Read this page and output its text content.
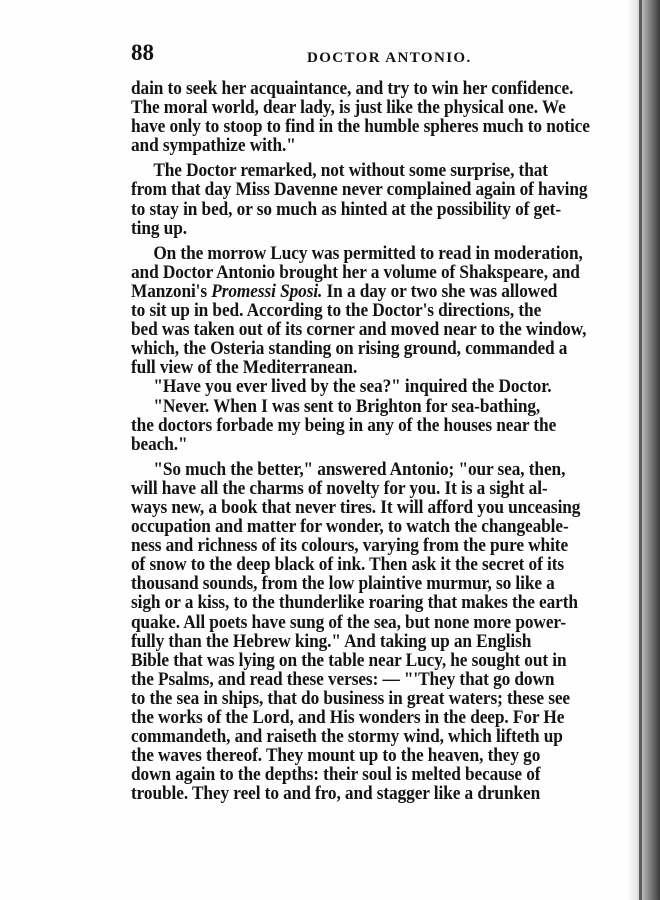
88	DOCTOR ANTONIO.
dain to seek her acquaintance, and try to win her confidence.
The moral world, dear lady, is just like the physical one. We
have only to stoop to find in the humble spheres much to notice
and sympathize with."
The Doctor remarked, not without some surprise, that
from that day Miss Davenne never complained again of having
to stay in bed, or so much as hinted at the possibility of get-
ting up.
On the morrow Lucy was permitted to read in moderation,
and Doctor Antonio brought her a volume of Shakspeare, and
Manzoni's Promessi Sposi. In a day or two she was allowed
to sit up in bed. According to the Doctor's directions, the
bed was taken out of its corner and moved near to the window,
which, the Osteria standing on rising ground, commanded a
full view of the Mediterranean.
"Have you ever lived by the sea?" inquired the Doctor.
"Never. When I was sent to Brighton for sea-bathing,
the doctors forbade my being in any of the houses near the
beach."
"So much the better," answered Antonio; "our sea, then,
will have all the charms of novelty for you. It is a sight al-
ways new, a book that never tires. It will afford you unceasing
occupation and matter for wonder, to watch the changeable-
ness and richness of its colours, varying from the pure white
of snow to the deep black of ink. Then ask it the secret of its
thousand sounds, from the low plaintive murmur, so like a
sigh or a kiss, to the thunderlike roaring that makes the earth
quake. All poets have sung of the sea, but none more power-
fully than the Hebrew king." And taking up an English
Bible that was lying on the table near Lucy, he sought out in
the Psalms, and read these verses: — "'They that go down
to the sea in ships, that do business in great waters; these see
the works of the Lord, and His wonders in the deep. For He
commandeth, and raiseth the stormy wind, which lifteth up
the waves thereof. They mount up to the heaven, they go
down again to the depths: their soul is melted because of
trouble. They reel to and fro, and stagger like a drunken
